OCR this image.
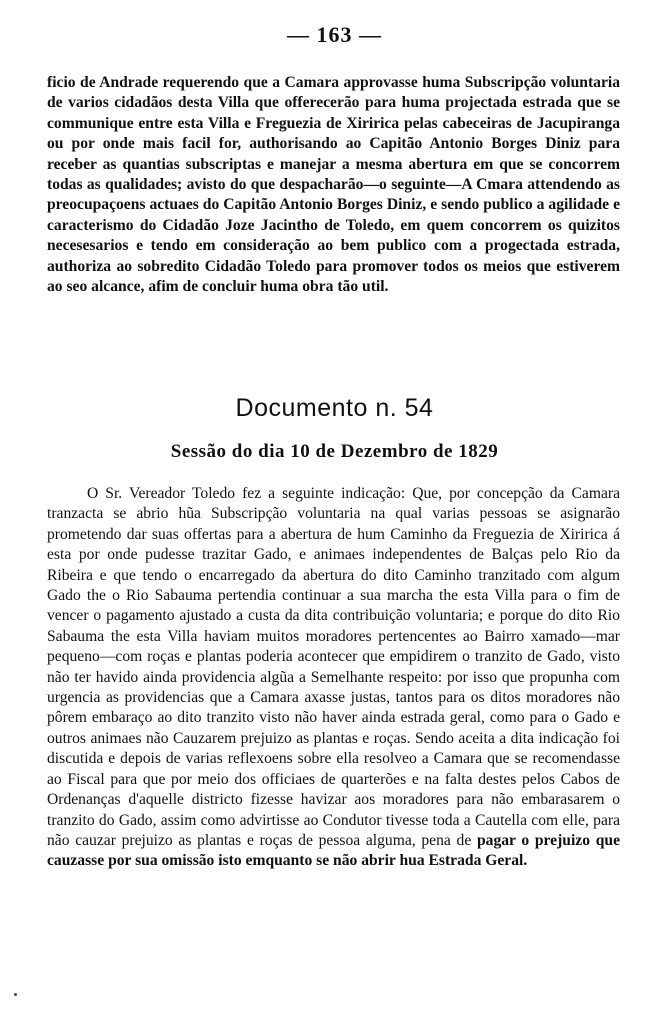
— 163 —

ficio de Andrade requerendo que a Camara approvasse huma Subscripção voluntaria de varios cidadãos desta Villa que offerecerão para huma projectada estrada que se communique entre esta Villa e Freguezia de Xiririca pelas cabeceiras de Jacupiranga ou por onde mais facil for, authorisando ao Capitão Antonio Borges Diniz para receber as quantias subscriptas e manejar a mesma abertura em que se concorrem todas as qualidades; avisto do que despacharão—o seguinte—A Cmara attendendo as preocupaçoens actuaes do Capitão Antonio Borges Diniz, e sendo publico a agilidade e caracterismo do Cidadão Joze Jacintho de Toledo, em quem concorrem os quizitos necesesarios e tendo em consideração ao bem publico com a progectada estrada, authoriza ao sobredito Cidadão Toledo para promover todos os meios que estiverem ao seo alcance, afim de concluir huma obra tão util.

Documento n. 54
Sessão do dia 10 de Dezembro de 1829

O Sr. Vereador Toledo fez a seguinte indicação: Que, por concepção da Camara tranzacta se abrio hũa Subscripção voluntaria na qual varias pessoas se asignarão prometendo dar suas offertas para a abertura de hum Caminho da Freguezia de Xiririca á esta por onde pudesse trazitar Gado, e animaes independentes de Balças pelo Rio da Ribeira e que tendo o encarregado da abertura do dito Caminho tranzitado com algum Gado the o Rio Sabauma pertendia continuar a sua marcha the esta Villa para o fim de vencer o pagamento ajustado a custa da dita contribuição voluntaria; e porque do dito Rio Sabauma the esta Villa haviam muitos moradores pertencentes ao Bairro xamado—mar pequeno—com roças e plantas poderia acontecer que empidirem o tranzito de Gado, visto não ter havido ainda providencia algũa a Semelhante respeito: por isso que propunha com urgencia as providencias que a Camara axasse justas, tantos para os ditos moradores não pôrem embaraço ao dito tranzito visto não haver ainda estrada geral, como para o Gado e outros animaes não Cauzarem prejuizo as plantas e roças. Sendo aceita a dita indicação foi discutida e depois de varias reflexoens sobre ella resolveo a Camara que se recomendasse ao Fiscal para que por meio dos officiaes de quarterões e na falta destes pelos Cabos de Ordenanças d'aquelle districto fizesse havizar aos moradores para não embarasarem o tranzito do Gado, assim como advirtisse ao Condutor tivesse toda a Cautella com elle, para não cauzar prejuizo as plantas e roças de pessoa alguma, pena de pagar o prejuizo que cauzasse por sua omissão isto emquanto se não abrir hua Estrada Geral.
